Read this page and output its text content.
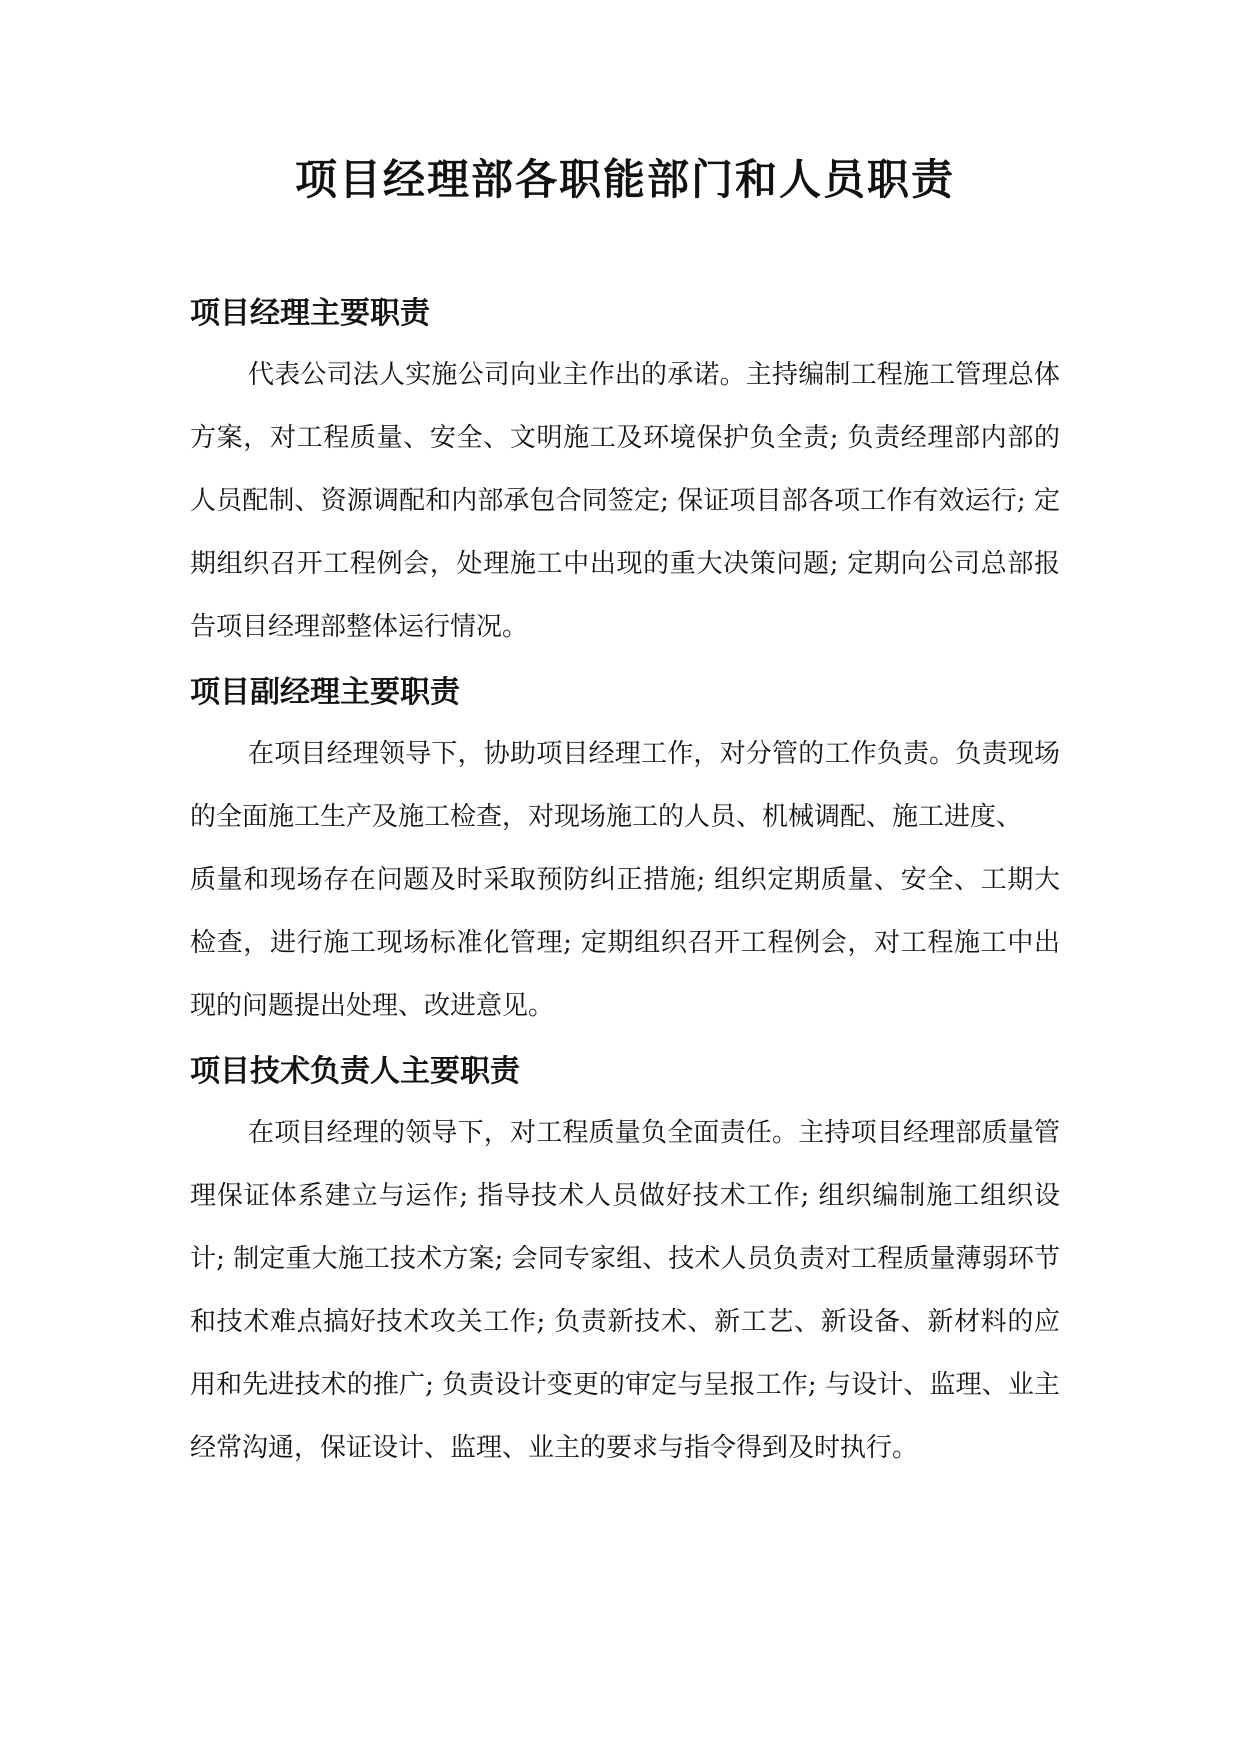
项目经理部各职能部门和人员职责
项目经理主要职责

代表公司法人实施公司向业主作出的承诺。主持编制工程施工管理总体方案，对工程质量、安全、文明施工及环境保护负全责; 负责经理部内部的人员配制、资源调配和内部承包合同签定; 保证项目部各项工作有效运行; 定期组织召开工程例会，处理施工中出现的重大决策问题; 定期向公司总部报告项目经理部整体运行情况。

项目副经理主要职责

在项目经理领导下，协助项目经理工作，对分管的工作负责。负责现场的全面施工生产及施工检查，对现场施工的人员、机械调配、施工进度、

质量和现场存在问题及时采取预防纠正措施; 组织定期质量、安全、工期大检查，进行施工现场标准化管理; 定期组织召开工程例会，对工程施工中出现的问题提出处理、改进意见。

项目技术负责人主要职责

在项目经理的领导下，对工程质量负全面责任。主持项目经理部质量管理保证体系建立与运作; 指导技术人员做好技术工作; 组织编制施工组织设计; 制定重大施工技术方案; 会同专家组、技术人员负责对工程质量薄弱环节和技术难点搞好技术攻关工作; 负责新技术、新工艺、新设备、新材料的应用和先进技术的推广; 负责设计变更的审定与呈报工作; 与设计、监理、业主经常沟通，保证设计、监理、业主的要求与指令得到及时执行。
